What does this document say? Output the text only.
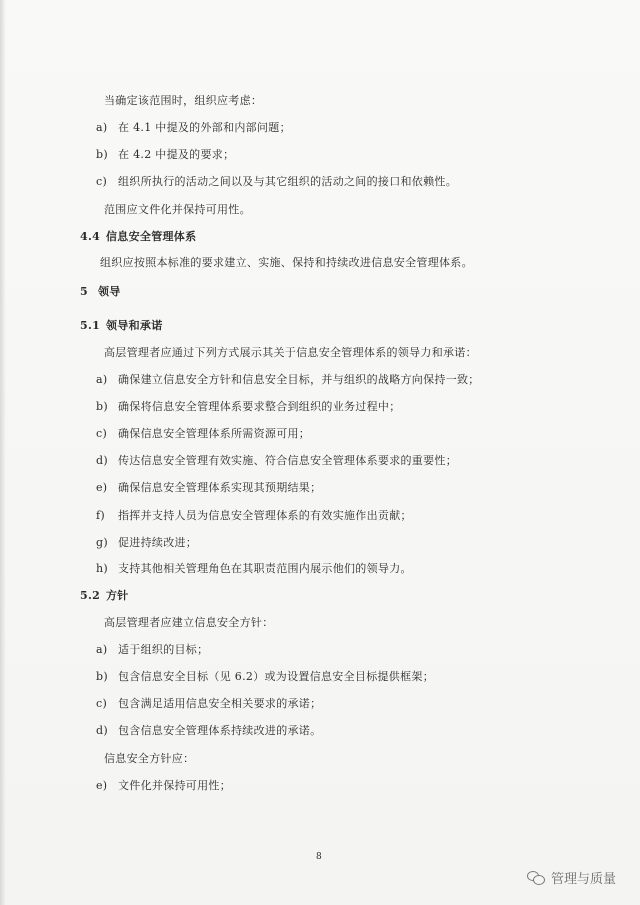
当确定该范围时，组织应考虑：
a) 在 4.1 中提及的外部和内部问题；
b) 在 4.2 中提及的要求；
c) 组织所执行的活动之间以及与其它组织的活动之间的接口和依赖性。
范围应文件化并保持可用性。
4.4 信息安全管理体系
组织应按照本标准的要求建立、实施、保持和持续改进信息安全管理体系。
5 领导
5.1 领导和承诺
高层管理者应通过下列方式展示其关于信息安全管理体系的领导力和承诺：
a) 确保建立信息安全方针和信息安全目标，并与组织的战略方向保持一致；
b) 确保将信息安全管理体系要求整合到组织的业务过程中；
c) 确保信息安全管理体系所需资源可用；
d) 传达信息安全管理有效实施、符合信息安全管理体系要求的重要性；
e) 确保信息安全管理体系实现其预期结果；
f) 指挥并支持人员为信息安全管理体系的有效实施作出贡献；
g) 促进持续改进；
h) 支持其他相关管理角色在其职责范围内展示他们的领导力。
5.2 方针
高层管理者应建立信息安全方针：
a) 适于组织的目标；
b) 包含信息安全目标（见 6.2）或为设置信息安全目标提供框架；
c) 包含满足适用信息安全相关要求的承诺；
d) 包含信息安全管理体系持续改进的承诺。
信息安全方针应：
e) 文件化并保持可用性；
8
管理与质量
